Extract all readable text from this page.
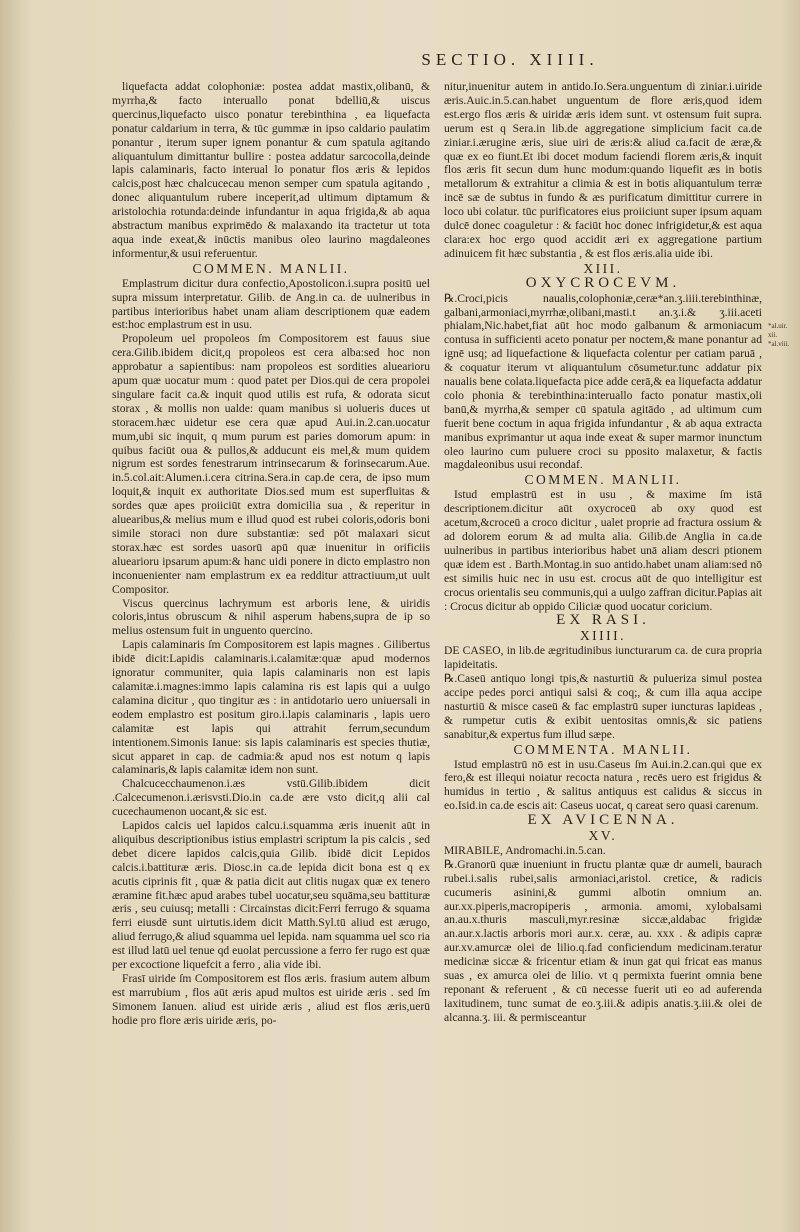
SECTIO. XIIII.

liquefacta addat colophoniæ: postea addat mastix,olibanū, & myrrha,& facto interuallo ponat bdelliū,& uiscus quercinus,liquefacto uisco ponatur terebinthina , ea liquefacta ponatur caldarium in terra, & tūc gummæ in ipso caldario paulatim ponantur , iterum super ignem ponantur & cum spatula agitando aliquantulum dimittantur bullire : postea addatur sarcocolla,deinde lapis calaminaris, facto interual lo ponatur flos æris & lepidos calcis,post hæc chalcucecau menon semper cum spatula agitando , donec aliquantulum rubere inceperit,ad ultimum diptamum & aristolochia rotunda:deinde infundantur in aqua frigida,& ab aqua abstractum manibus exprimēdo & malaxando ita tractetur ut tota aqua inde exeat,& inūctis manibus oleo laurino magdaleones informentur,& usui referuentur.

COMMEN. MANLII.

Emplastrum dicitur dura confectio,Apostolicon.i.supra positū uel supra missum interpretatur. Gilib. de Ang.in ca. de uulneribus in partibus interioribus habet unam aliam descriptionem quæ eadem est:hoc emplastrum est in usu.

Propoleum uel propoleos ſm Compositorem est fauus siue cera.Gilib.ibidem dicit,q propoleos est cera alba:sed hoc non approbatur a sapientibus: nam propoleos est sordities aluearioru apum quæ uocatur mum : quod patet per Dios.qui de cera propolei singulare facit ca.& inquit quod utilis est rufa, & odorata sicut storax , & mollis non ualde: quam manibus si uolueris duces ut storacem.hæc uidetur ese cera quæ apud Aui.in.2.can.uocatur mum,ubi sic inquit, q mum purum est paries domorum apum: in quibus faciūt oua & pullos,& adducunt eis mel,& mum quidem nigrum est sordes fenestrarum intrinsecarum & forinsecarum.Aue. in.5.col.ait:Alumen.i.cera citrina.Sera.in cap.de cera, de ipso mum loquit,& inquit ex authoritate Dios.sed mum est superfluitas & sordes quæ apes proiiciūt extra domicilia sua , & reperitur in aluearibus,& melius mum e illud quod est rubei coloris,odoris boni simile storaci non dure substantiæ: sed pōt malaxari sicut storax.hæc est sordes uasorū apū quæ inuenitur in orificiis aluearioru ipsarum apum:& hanc uidi ponere in dicto emplastro non inconuenienter nam emplastrum ex ea redditur attractiuum,ut uult Compositor.

Viscus quercinus lachrymum est arboris lene, & uiridis coloris,intus obruscum & nihil asperum habens,supra de ip so melius ostensum fuit in unguento quercino.

Lapis calaminaris ſm Compositorem est lapis magnes . Gilibertus ibidē dicit:Lapidis calaminaris.i.calamitæ:quæ apud modernos ignoratur communiter, quia lapis calaminaris non est lapis calamitæ.i.magnes:immo lapis calamina ris est lapis qui a uulgo calamina dicitur , quo tingitur æs : in antidotario uero uniuersali in eodem emplastro est positum giro.i.lapis calaminaris , lapis uero calamitæ est lapis qui attrahit ferrum,secundum intentionem.Simonis Ianue: sis lapis calaminaris est species thutiæ, sicut apparet in cap. de cadmia:& apud nos est notum q lapis calaminaris,& lapis calamitæ idem non sunt.

Chalcucecchaumenon.i.æs vstū.Gilib.ibidem dicit .Calcecumenon.i.ærisvsti.Dio.in ca.de ære vsto dicit,q alii cal cucechaumenon uocant,& sic est.

Lapidos calcis uel lapidos calcu.i.squamma æris inuenit aūt in aliquibus descriptionibus istius emplastri scriptum la pis calcis , sed debet dicere lapidos calcis,quia Gilib. ibidē dicit Lepidos calcis.i.battituræ æris. Diosc.in ca.de lepida dicit bona est q ex acutis ciprinis fit , quæ & patia dicit aut clitis nugax quæ ex tenero æramine fit.hæc apud arabes tubel uocatur,seu squāma,seu battituræ æris , seu cuiusq; metalli : Circainstas dicit:Ferri ferrugo & squama ferri eiusdē sunt uirtutis.idem dicit Matth.Syl.tū aliud est ærugo, aliud ferrugo,& aliud squamma uel lepida. nam squamma uel sco ria est illud latū uel tenue qd euolat percussione a ferro fer rugo est quæ per excoctione liquefcit a ferro , alia vide ibi.

Frasī uiride ſm Compositorem est flos æris. frasium autem album est marrubium , flos aūt æris apud multos est uiride æris . sed ſm Simonem Ianuen. aliud est uiride æris , aliud est flos æris,uerū hodie pro flore æris uiride æris, po-

nitur,inuenitur autem in antido.Io.Sera.unguentum di ziniar.i.uiride æris.Auic.in.5.can.habet unguentum de flore æris,quod idem est.ergo flos æris & uiridæ æris idem sunt. vt ostensum fuit supra. uerum est q Sera.in lib.de aggregatione simplicium facit ca.de ziniar.i.ærugine æris, siue uiri de æris:& aliud ca.facit de æræ,& quæ ex eo fiunt.Et ibi docet modum faciendi florem æris,& inquit flos æris fit secun dum hunc modum:quando liquefit æs in botis metallorum & extrahitur a climia & est in botis aliquantulum terræ incē sæ de subtus in fundo & æs purificatum dimittitur currere in loco ubi colatur. tūc purificatores eius proiiciunt super ipsum aquam dulcē donec coaguletur : & faciūt hoc donec infrigidetur,& est aqua clara:ex hoc ergo quod accidit æri ex aggregatione partium adinuicem fit hæc substantia , & est flos æris.alia uide ibi.

XIII.
OXYCROCEVM.

℞.Croci,picis naualis,colophoniæ,ceræ*an.ʒ.iiii.terebinthinæ, galbani,armoniaci,myrrhæ,olibani,masti.t an.ʒ.i.& ʒ.iii.aceti phialam,Nic.habet,fiat aūt hoc modo galbanum & armoniacum contusa in sufficienti aceto ponatur per noctem,& mane ponantur ad ignē usq; ad liquefactione & liquefacta colentur per catiam paruā , & coquatur iterum vt aliquantulum cōsumetur.tunc addatur pix naualis bene colata.liquefacta pice adde cerā,& ea liquefacta addatur colo phonia & terebinthina:interuallo facto ponatur mastix,oli banū,& myrrha,& semper cū spatula agitādo , ad ultimum cum fuerit bene coctum in aqua frigida infundantur , & ab aqua extracta manibus exprimantur ut aqua inde exeat & super marmor inunctum oleo laurino cum puluere croci su pposito malaxetur, & factis magdaleonibus usui recondaf.

COMMEN. MANLII.

Istud emplastrū est in usu , & maxime ſm istā descriptionem.dicitur aūt oxycroceū ab oxy quod est acetum,&croceū a croco dicitur , ualet proprie ad fractura ossium & ad dolorem eorum & ad multa alia. Gilib.de Anglia in ca.de uulneribus in partibus interioribus habet unā aliam descri ptionem quæ idem est . Barth.Montag.in suo antido.habet unam aliam:sed nō est similis huic nec in usu est. crocus aūt de quo intelligitur est crocus orientalis seu communis,qui a uulgo zaffran dicitur.Papias ait : Crocus dicitur ab oppido Ciliciæ quod uocatur coricium.

EX RASI.
XIIII.

DE CASEO, in lib.de ægritudinibus iuncturarum ca. de cura propria lapideitatis.

℞.Caseū antiquo longi tpis,& nasturtiū & pulueriza simul postea accipe pedes porci antiqui salsi & coq;, & cum illa aqua accipe nasturtiū & misce caseū & fac emplastrū super iuncturas lapideas , & rumpetur cutis & exibit uentositas omnis,& sic patiens sanabitur,& expertus fum illud sæpe.

COMMENTA. MANLII.

Istud emplastrū nō est in usu.Caseus ſm Aui.in.2.can.qui que ex fero,& est illequi noiatur recocta natura , recēs uero est frigidus & humidus in tertio , & salitus antiquus est calidus & siccus in eo.Isid.in ca.de escis ait: Caseus uocat, q careat sero quasi carenum.

EX AVICENNA.
XV.

MIRABILE, Andromachi.in.5.can.

℞.Granorū quæ inueniunt in fructu plantæ quæ dr aumeli, baurach rubei.i.salis rubei,salis armoniaci,aristol. cretice, & radicis cucumeris asinini,& gummi albotin omnium an. aur.xx.piperis,macropiperis , armonia. amomi, xylobalsami an.au.x.thuris masculi,myr.resinæ siccæ,aldabac frigidæ an.aur.x.lactis arboris mori aur.x. ceræ, au. xxx . & adipis capræ aur.xv.amurcæ olei de lilio.q.fad conficiendum medicinam.teratur medicinæ siccæ & fricentur etiam & inun gat qui fricat eas manus suas , ex amurca olei de lilio. vt q permixta fuerint omnia bene reponant & referuent , & cū necesse fuerit uti eo ad auferenda laxitudinem, tunc sumat de eo.ʒ.iii.& adipis anatis.ʒ.iii.& olei de alcanna.ʒ. iii. & permisceantur

*al.uir. xii. *al.viii.
